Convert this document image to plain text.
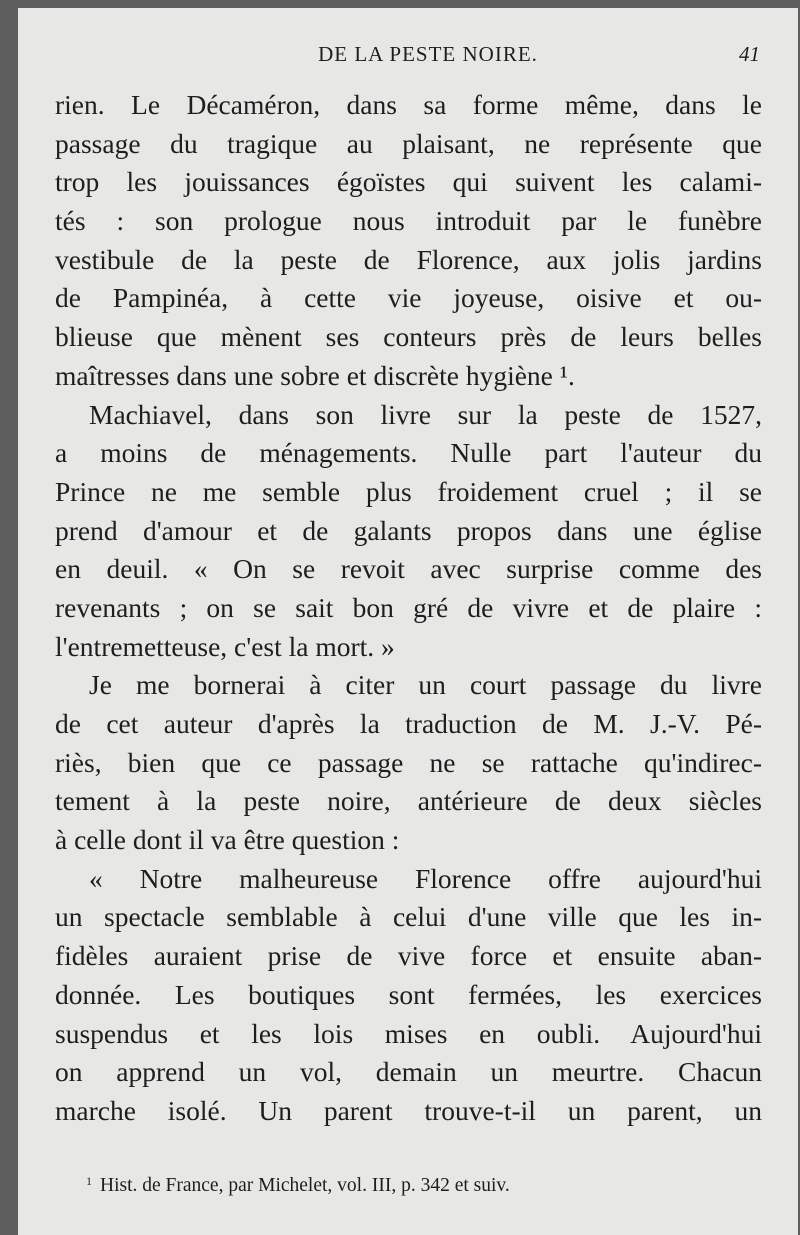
DE LA PESTE NOIRE.	41
rien. Le Décaméron, dans sa forme même, dans le
passage du tragique au plaisant, ne représente que
trop les jouissances égoïstes qui suivent les calami-
tés : son prologue nous introduit par le funèbre
vestibule de la peste de Florence, aux jolis jardins
de Pampinéa, à cette vie joyeuse, oisive et ou-
blieuse que mènent ses conteurs près de leurs belles
maîtresses dans une sobre et discrète hygiène ¹.
Machiavel, dans son livre sur la peste de 1527,
a moins de ménagements. Nulle part l'auteur du
Prince ne me semble plus froidement cruel ; il se
prend d'amour et de galants propos dans une église
en deuil. « On se revoit avec surprise comme des
revenants ; on se sait bon gré de vivre et de plaire :
l'entremetteuse, c'est la mort. »
Je me bornerai à citer un court passage du livre
de cet auteur d'après la traduction de M. J.-V. Pé-
riès, bien que ce passage ne se rattache qu'indirec-
tement à la peste noire, antérieure de deux siècles
à celle dont il va être question :
« Notre malheureuse Florence offre aujourd'hui
un spectacle semblable à celui d'une ville que les in-
fidèles auraient prise de vive force et ensuite aban-
donnée. Les boutiques sont fermées, les exercices
suspendus et les lois mises en oubli. Aujourd'hui
on apprend un vol, demain un meurtre. Chacun
marche isolé. Un parent trouve-t-il un parent, un
$^1$ Hist. de France, par Michelet, vol. III, p. 342 et suiv.
